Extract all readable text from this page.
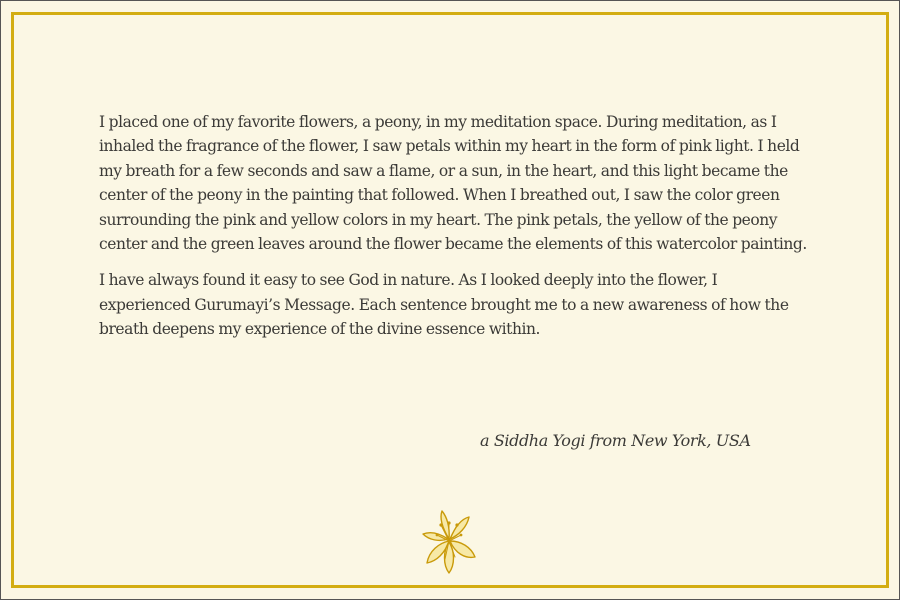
I placed one of my favorite flowers, a peony, in my meditation space. During meditation, as I inhaled the fragrance of the flower, I saw petals within my heart in the form of pink light. I held my breath for a few seconds and saw a flame, or a sun, in the heart, and this light became the center of the peony in the painting that followed. When I breathed out, I saw the color green surrounding the pink and yellow colors in my heart. The pink petals, the yellow of the peony center and the green leaves around the flower became the elements of this watercolor painting.

I have always found it easy to see God in nature. As I looked deeply into the flower, I experienced Gurumayi’s Message. Each sentence brought me to a new awareness of how the breath deepens my experience of the divine essence within.

a Siddha Yogi from New York, USA
